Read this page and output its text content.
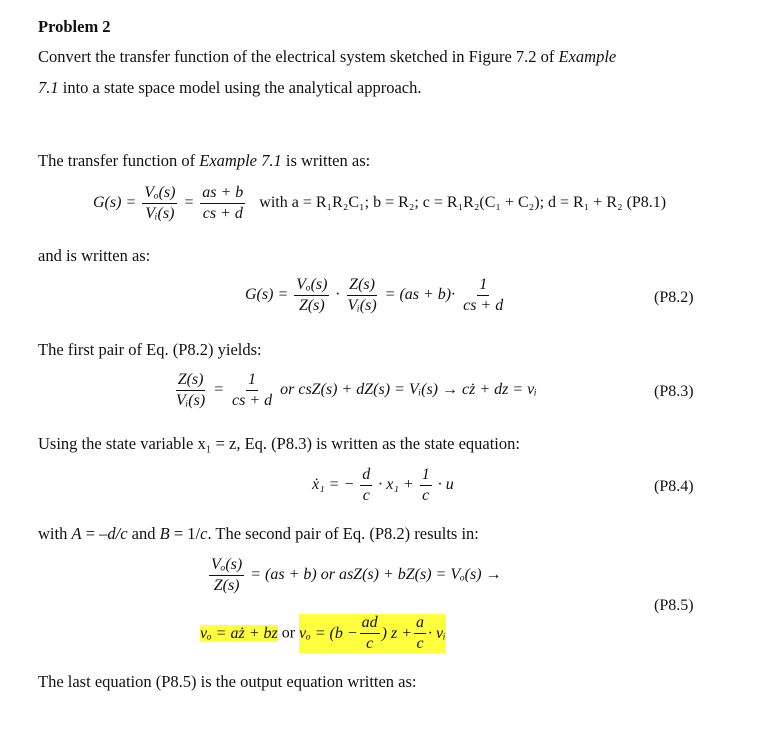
Problem 2
Convert the transfer function of the electrical system sketched in Figure 7.2 of Example
7.1 into a state space model using the analytical approach.
The transfer function of Example 7.1 is written as:
$G(s) = \frac{\text{Vₒ(s)}}{\text{Vᵢ(s)}} = \frac{as + b}{cs + d}$ with a = R₁R₂C₁; b = R₂; c = R₁R₂(C₁ + C₂); d = R₁ + R₂ (P8.1)
and is written as:
$G(s) = \frac{\text{Vₒ(s)}}{Z(s)} \cdot \frac{Z(s)}{\text{Vᵢ(s)}} = (as + b)\cdot \frac{1}{cs + d}$	(P8.2)
The first pair of Eq. (P8.2) yields:
$\frac{Z(s)}{\text{Vᵢ(s)}} = \frac{1}{cs + d}$ or csZ(s) + dZ(s) = Vᵢ(s) → cż + dz = vᵢ	(P8.3)
Using the state variable x₁ = z, Eq. (P8.3) is written as the state equation:
ẋ₁ = − $\frac{d}{c} \cdot x_1 + \frac{1}{c} \cdot u$	(P8.4)
with A = –d/c and B = 1/c. The second pair of Eq. (P8.2) results in:
$\frac{\text{Vₒ(s)}}{Z(s)} = (as + b)$ or asZ(s) + bZ(s) = Vₒ(s) →
(P8.5)
vₒ = aż + bz or $v_o = (b - \frac{ad}{c}$ ) $z + \frac{a}{c}$ · vᵢ
The last equation (P8.5) is the output equation written as:
